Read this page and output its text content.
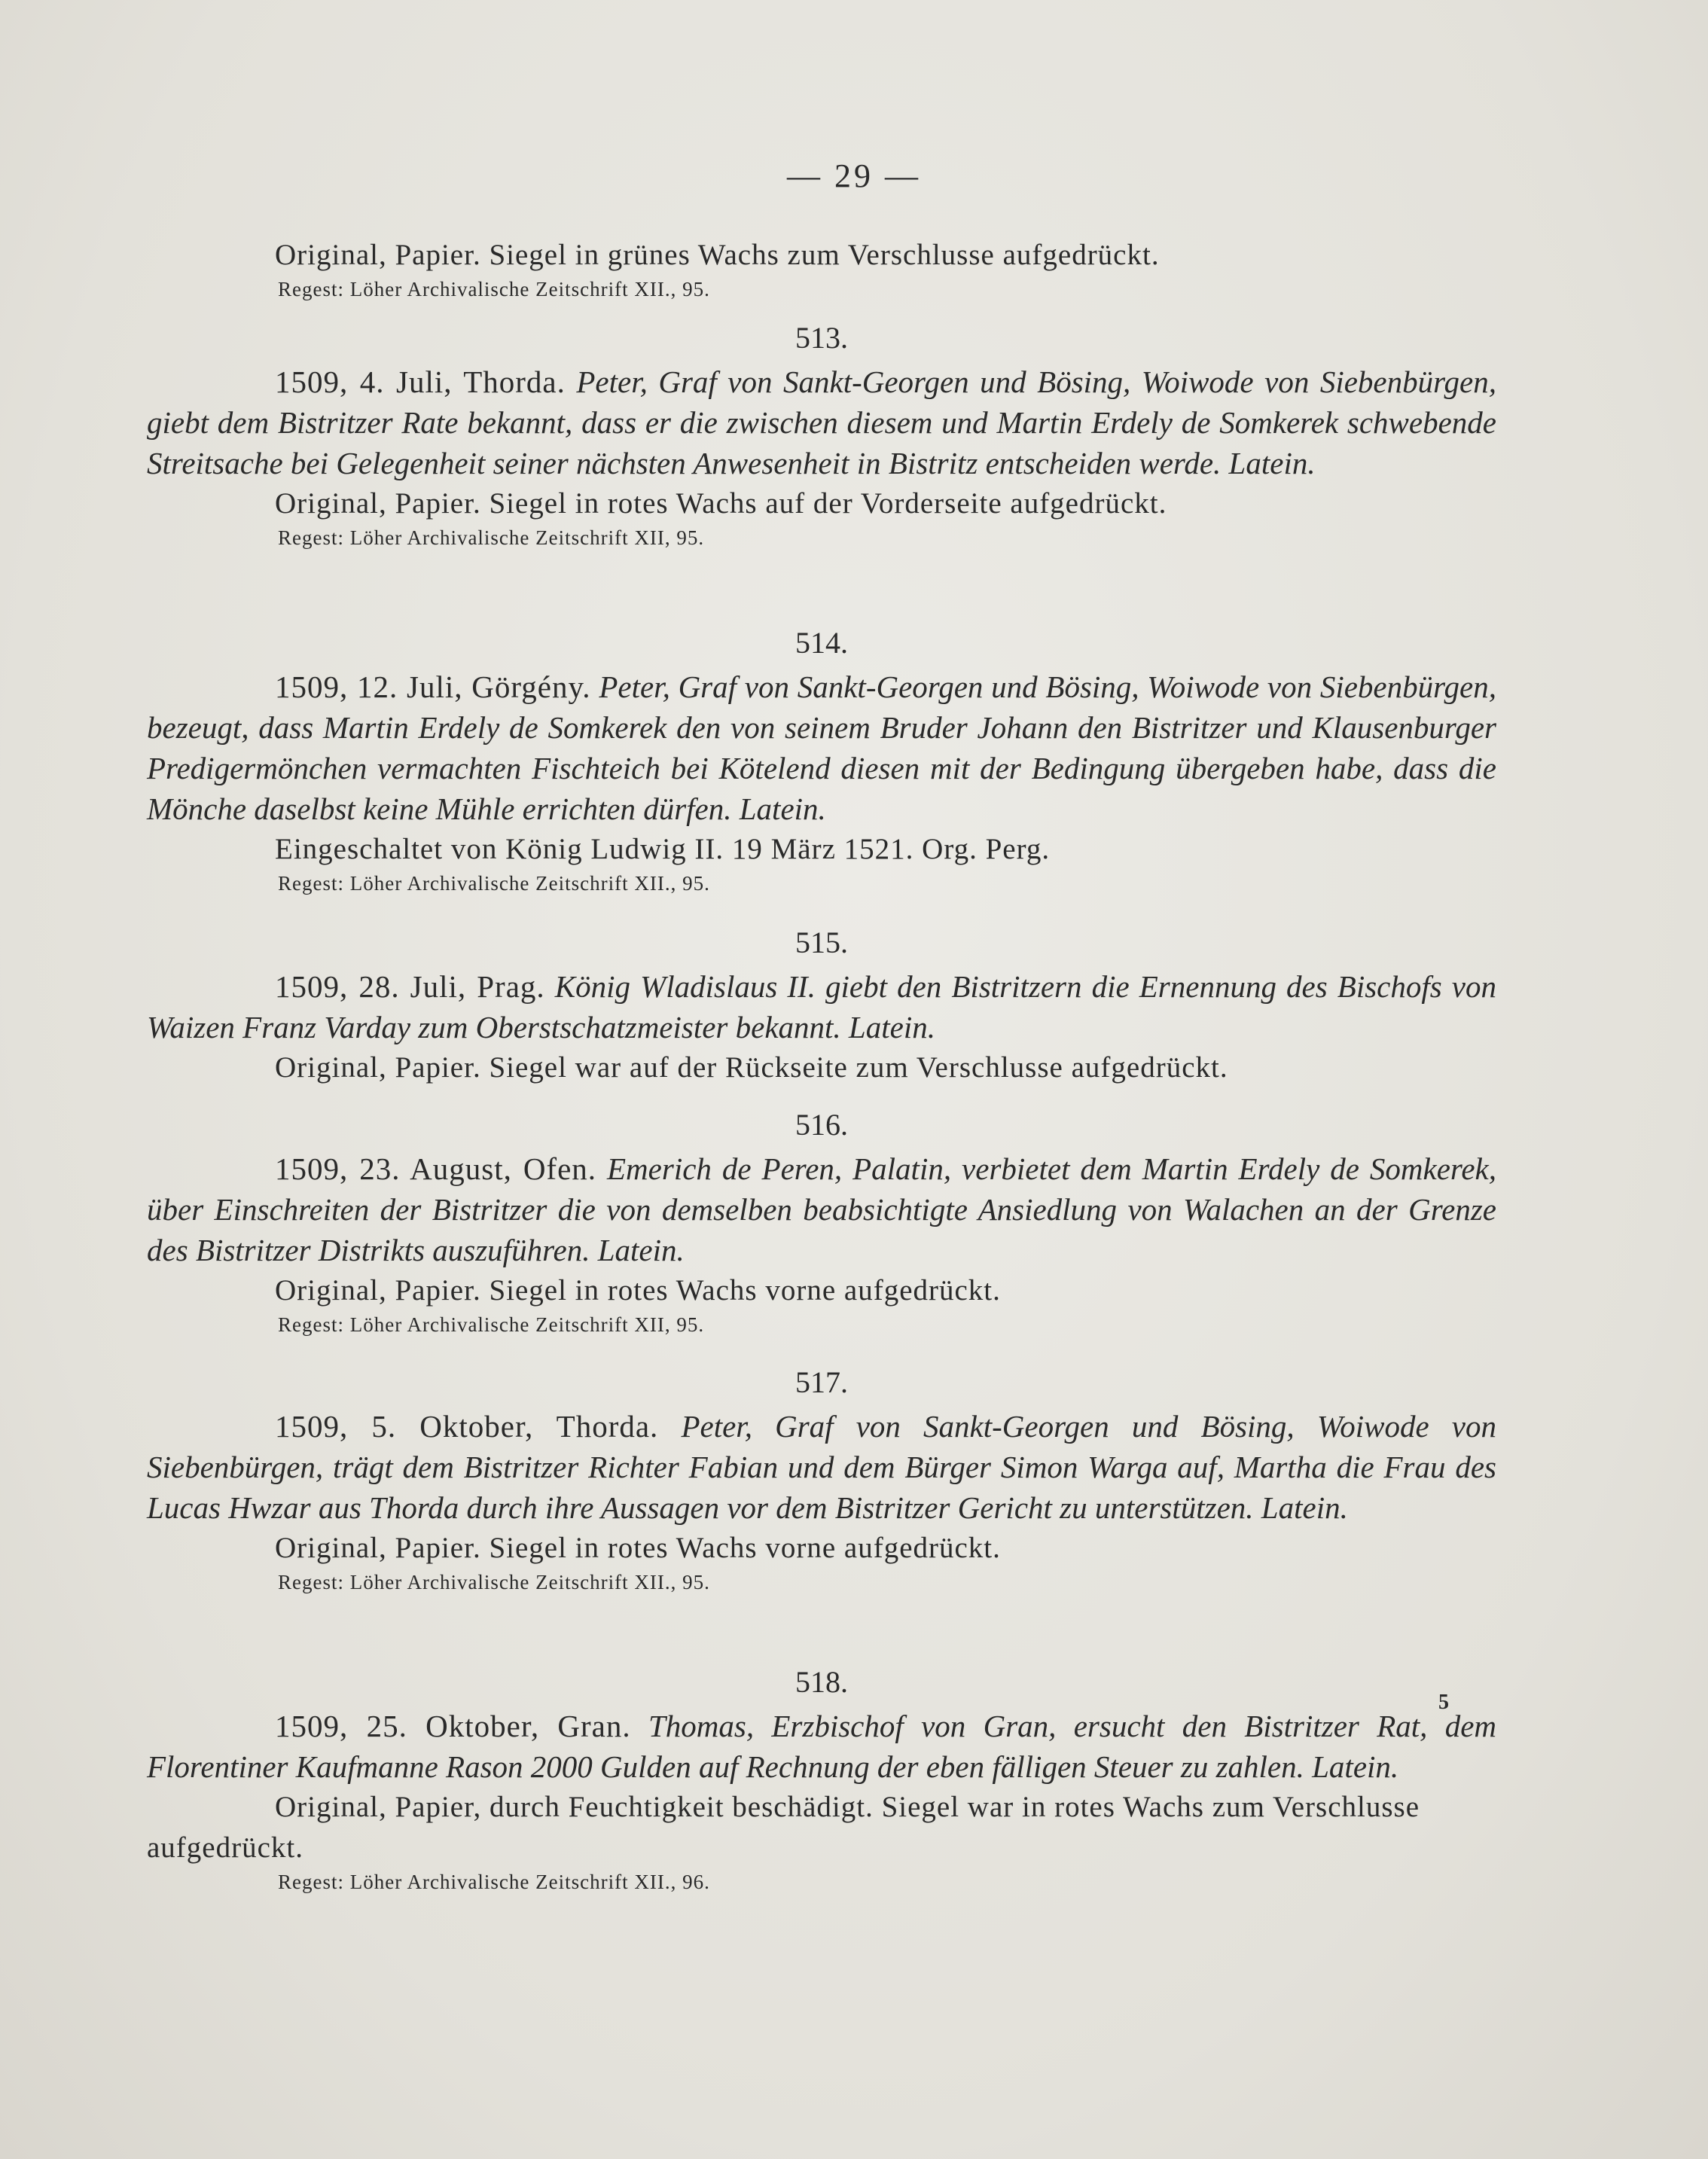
— 29 —
Original, Papier. Siegel in grünes Wachs zum Verschlusse aufgedrückt.
Regest: Löher Archivalische Zeitschrift XII., 95.
513.
1509, 4. Juli, Thorda. Peter, Graf von Sankt-Georgen und Bösing, Woiwode von Siebenbürgen, giebt dem Bistritzer Rate bekannt, dass er die zwischen diesem und Martin Erdely de Somkerek schwebende Streitsache bei Gelegenheit seiner nächsten Anwesenheit in Bistritz entscheiden werde. Latein.
Original, Papier. Siegel in rotes Wachs auf der Vorderseite aufgedrückt.
Regest: Löher Archivalische Zeitschrift XII, 95.
514.
1509, 12. Juli, Görgény. Peter, Graf von Sankt-Georgen und Bösing, Woiwode von Siebenbürgen, bezeugt, dass Martin Erdely de Somkerek den von seinem Bruder Johann den Bistritzer und Klausenburger Predigermönchen vermachten Fischteich bei Kötelend diesen mit der Bedingung übergeben habe, dass die Mönche daselbst keine Mühle errichten dürfen. Latein.
Eingeschaltet von König Ludwig II. 19 März 1521. Org. Perg.
Regest: Löher Archivalische Zeitschrift XII., 95.
515.
1509, 28. Juli, Prag. König Wladislaus II. giebt den Bistritzern die Ernennung des Bischofs von Waizen Franz Varday zum Oberstschatzmeister bekannt. Latein.
Original, Papier. Siegel war auf der Rückseite zum Verschlusse aufgedrückt.
516.
1509, 23. August, Ofen. Emerich de Peren, Palatin, verbietet dem Martin Erdely de Somkerek, über Einschreiten der Bistritzer die von demselben beabsichtigte Ansiedlung von Walachen an der Grenze des Bistritzer Distrikts auszuführen. Latein.
Original, Papier. Siegel in rotes Wachs vorne aufgedrückt.
Regest: Löher Archivalische Zeitschrift XII, 95.
517.
1509, 5. Oktober, Thorda. Peter, Graf von Sankt-Georgen und Bösing, Woiwode von Siebenbürgen, trägt dem Bistritzer Richter Fabian und dem Bürger Simon Warga auf, Martha die Frau des Lucas Hwzar aus Thorda durch ihre Aussagen vor dem Bistritzer Gericht zu unterstützen. Latein.
Original, Papier. Siegel in rotes Wachs vorne aufgedrückt.
Regest: Löher Archivalische Zeitschrift XII., 95.
518.
1509, 25. Oktober, Gran. Thomas, Erzbischof von Gran, ersucht den Bistritzer Rat, dem Florentiner Kaufmanne Rason 2000 Gulden auf Rechnung der eben fälligen Steuer zu zahlen. Latein.
Original, Papier, durch Feuchtigkeit beschädigt. Siegel war in rotes Wachs zum Verschlusse aufgedrückt.
Regest: Löher Archivalische Zeitschrift XII., 96.
5
